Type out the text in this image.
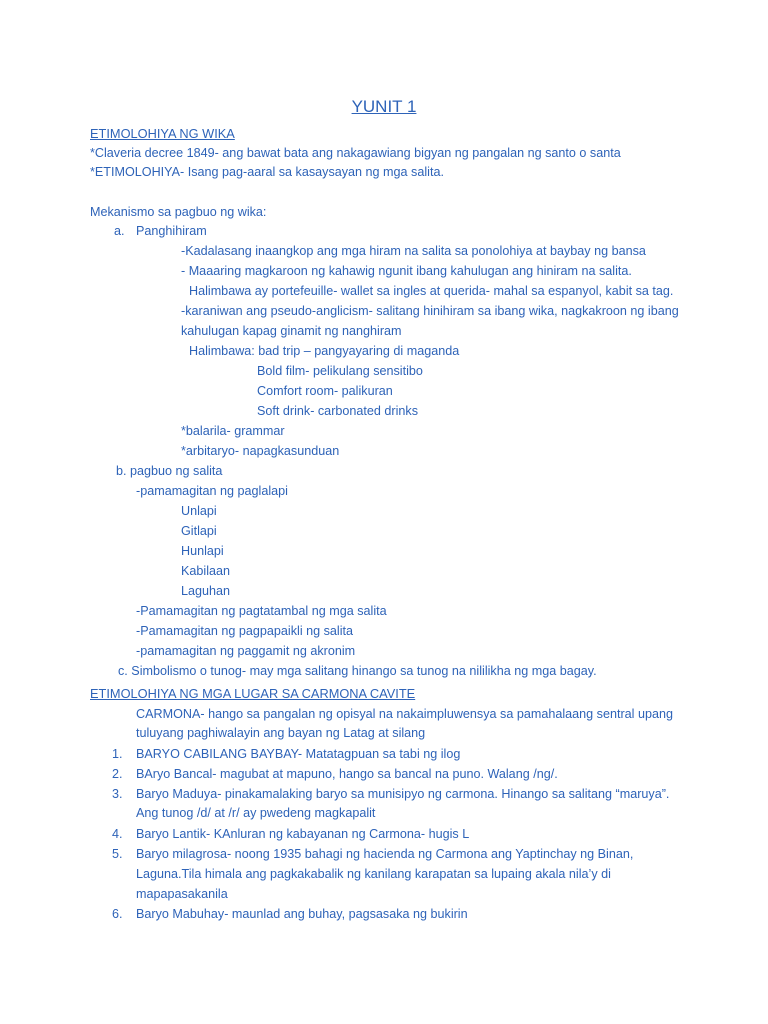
YUNIT 1
ETIMOLOHIYA NG WIKA
*Claveria decree 1849- ang bawat bata ang nakagawiang bigyan ng pangalan ng santo o santa
*ETIMOLOHIYA- Isang pag-aaral sa kasaysayan ng mga salita.
Mekanismo sa pagbuo ng wika:
a. Panghihiram
-Kadalasang inaangkop ang mga hiram na salita sa ponolohiya at baybay ng bansa
- Maaaring magkaroon ng kahawig ngunit ibang kahulugan ang hiniram na salita.
Halimbawa ay portefeuille- wallet sa ingles at querida- mahal sa espanyol, kabit sa tag.
-karaniwan ang pseudo-anglicism- salitang hinihiram sa ibang wika, nagkakroon ng ibang
kahulugan kapag ginamit ng nanghiram
Halimbawa: bad trip – pangyayaring di maganda
Bold film- pelikulang sensitibo
Comfort room- palikuran
Soft drink- carbonated drinks
*balarila- grammar
*arbitaryo- napagkasunduan
b. pagbuo ng salita
-pamamagitan ng paglalapi
Unlapi
Gitlapi
Hunlapi
Kabilaan
Laguhan
-Pamamagitan ng pagtatambal ng mga salita
-Pamamagitan ng pagpapaikli ng salita
-pamamagitan ng paggamit ng akronim
c. Simbolismo o tunog- may mga salitang hinango sa tunog na nililikha ng mga bagay.
ETIMOLOHIYA NG MGA LUGAR SA CARMONA CAVITE
CARMONA- hango sa pangalan ng opisyal na nakaimpluwensya sa pamahalaang sentral upang
tuluyang paghiwalayin ang bayan ng Latag at silang
1. BARYO CABILANG BAYBAY- Matatagpuan sa tabi ng ilog
2. BAryo Bancal- magubat at mapuno, hango sa bancal na puno. Walang /ng/.
3. Baryo Maduya- pinakamalaking baryo sa munisipyo ng carmona. Hinango sa salitang “maruya”.
Ang tunog /d/ at /r/ ay pwedeng magkapalit
4. Baryo Lantik- KAnluran ng kabayanan ng Carmona- hugis L
5. Baryo milagrosa- noong 1935 bahagi ng hacienda ng Carmona ang Yaptinchay ng Binan,
Laguna.Tila himala ang pagkakabalik ng kanilang karapatan sa lupaing akala nila’y di
mapapasakanila
6. Baryo Mabuhay- maunlad ang buhay, pagsasaka ng bukirin
